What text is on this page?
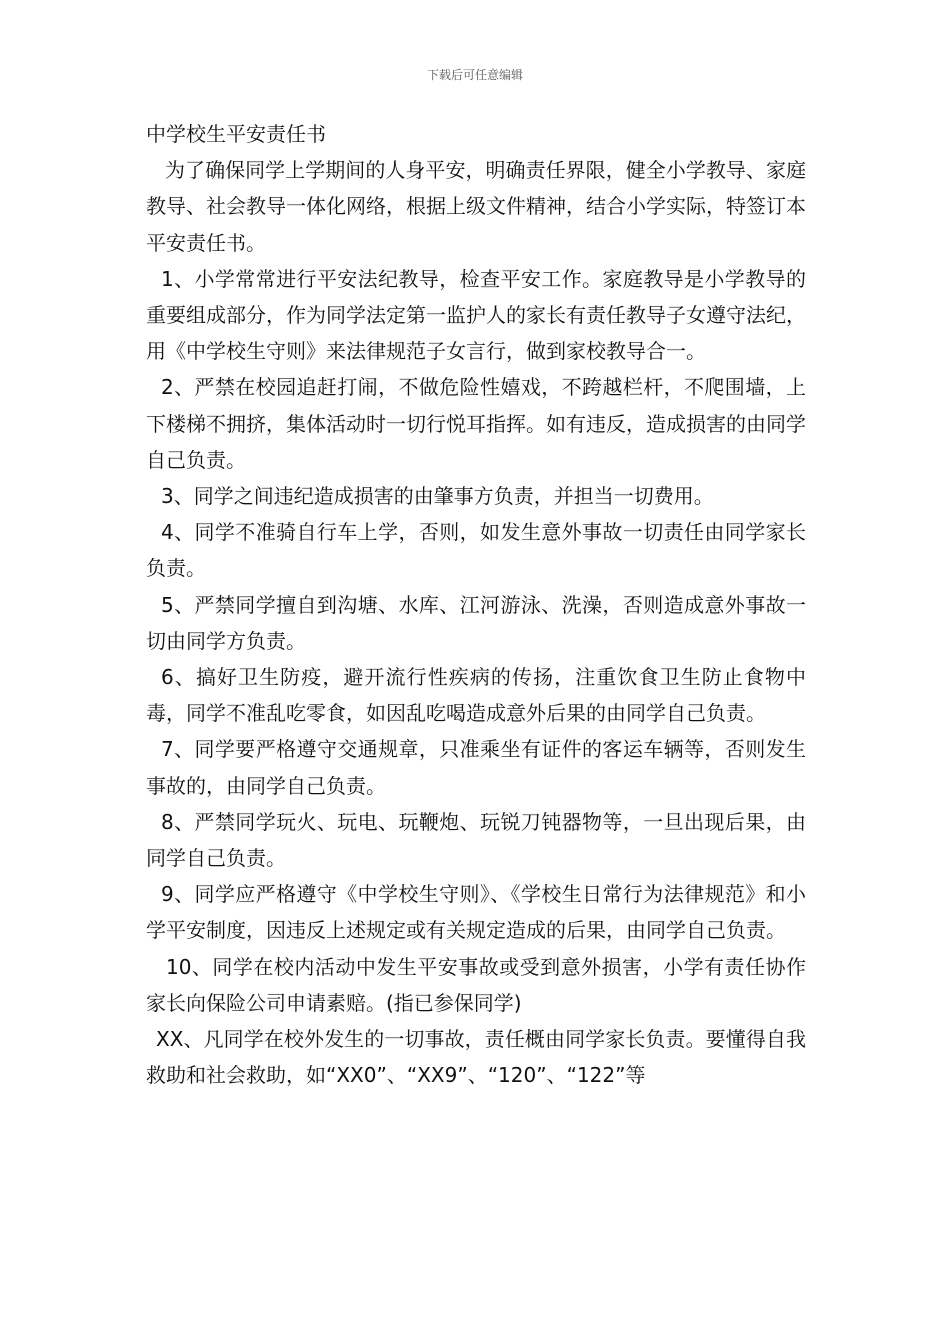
下载后可任意编辑

中学校生平安责任书

为了确保同学上学期间的人身平安，明确责任界限，健全小学教导、家庭教导、社会教导一体化网络，根据上级文件精神，结合小学实际，特签订本平安责任书。

1、小学常常进行平安法纪教导，检查平安工作。家庭教导是小学教导的重要组成部分，作为同学法定第一监护人的家长有责任教导子女遵守法纪，用《中学校生守则》来法律规范子女言行，做到家校教导合一。

2、严禁在校园追赶打闹，不做危险性嬉戏，不跨越栏杆，不爬围墙，上下楼梯不拥挤，集体活动时一切行悦耳指挥。如有违反，造成损害的由同学自己负责。

3、同学之间违纪造成损害的由肇事方负责，并担当一切费用。

4、同学不准骑自行车上学，否则，如发生意外事故一切责任由同学家长负责。

5、严禁同学擅自到沟塘、水库、江河游泳、洗澡，否则造成意外事故一切由同学方负责。

6、搞好卫生防疫，避开流行性疾病的传扬，注重饮食卫生防止食物中毒，同学不准乱吃零食，如因乱吃喝造成意外后果的由同学自己负责。

7、同学要严格遵守交通规章，只准乘坐有证件的客运车辆等，否则发生事故的，由同学自己负责。

8、严禁同学玩火、玩电、玩鞭炮、玩锐刀钝器物等，一旦出现后果，由同学自己负责。

9、同学应严格遵守《中学校生守则》、《学校生日常行为法律规范》和小学平安制度，因违反上述规定或有关规定造成的后果，由同学自己负责。

10、同学在校内活动中发生平安事故或受到意外损害，小学有责任协作家长向保险公司申请素赔。(指已参保同学)

XX、凡同学在校外发生的一切事故，责任概由同学家长负责。要懂得自我救助和社会救助，如“XX0”、“XX9”、“120”、“122”等
